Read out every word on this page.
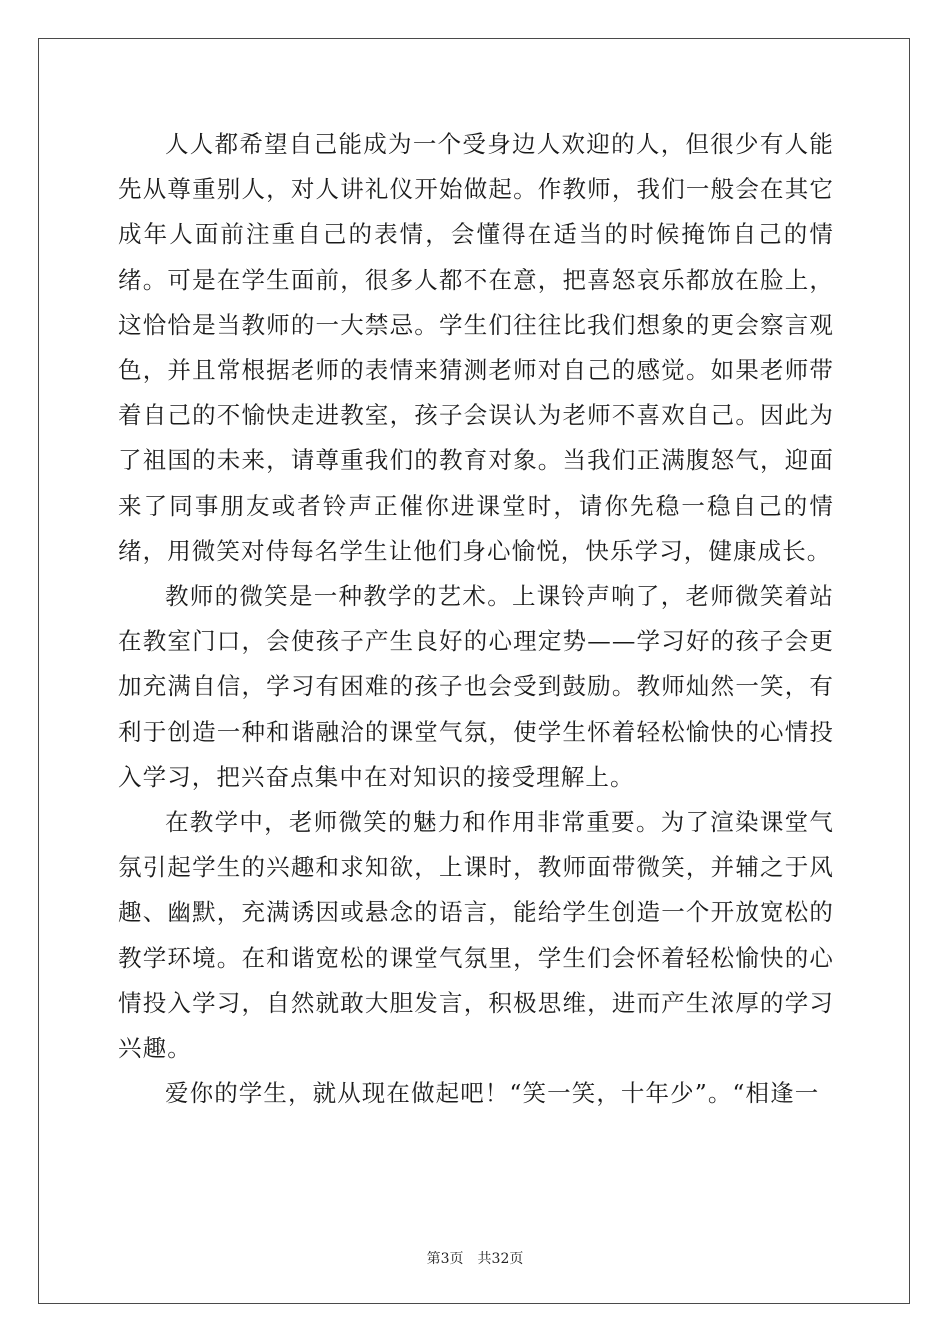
人人都希望自己能成为一个受身边人欢迎的人，但很少有人能先从尊重别人，对人讲礼仪开始做起。作教师，我们一般会在其它成年人面前注重自己的表情，会懂得在适当的时候掩饰自己的情绪。可是在学生面前，很多人都不在意，把喜怒哀乐都放在脸上，这恰恰是当教师的一大禁忌。学生们往往比我们想象的更会察言观色，并且常根据老师的表情来猜测老师对自己的感觉。如果老师带着自己的不愉快走进教室，孩子会误认为老师不喜欢自己。因此为了祖国的未来，请尊重我们的教育对象。当我们正满腹怒气，迎面来了同事朋友或者铃声正催你进课堂时，请你先稳一稳自己的情绪，用微笑对侍每名学生让他们身心愉悦，快乐学习，健康成长。

教师的微笑是一种教学的艺术。上课铃声响了，老师微笑着站在教室门口，会使孩子产生良好的心理定势——学习好的孩子会更加充满自信，学习有困难的孩子也会受到鼓励。教师灿然一笑，有利于创造一种和谐融洽的课堂气氛，使学生怀着轻松愉快的心情投入学习，把兴奋点集中在对知识的接受理解上。

在教学中，老师微笑的魅力和作用非常重要。为了渲染课堂气氛引起学生的兴趣和求知欲，上课时，教师面带微笑，并辅之于风趣、幽默，充满诱因或悬念的语言，能给学生创造一个开放宽松的教学环境。在和谐宽松的课堂气氛里，学生们会怀着轻松愉快的心情投入学习，自然就敢大胆发言，积极思维，进而产生浓厚的学习兴趣。

爱你的学生，就从现在做起吧！“笑一笑，十年少”。“相逢一

第3页 共32页
